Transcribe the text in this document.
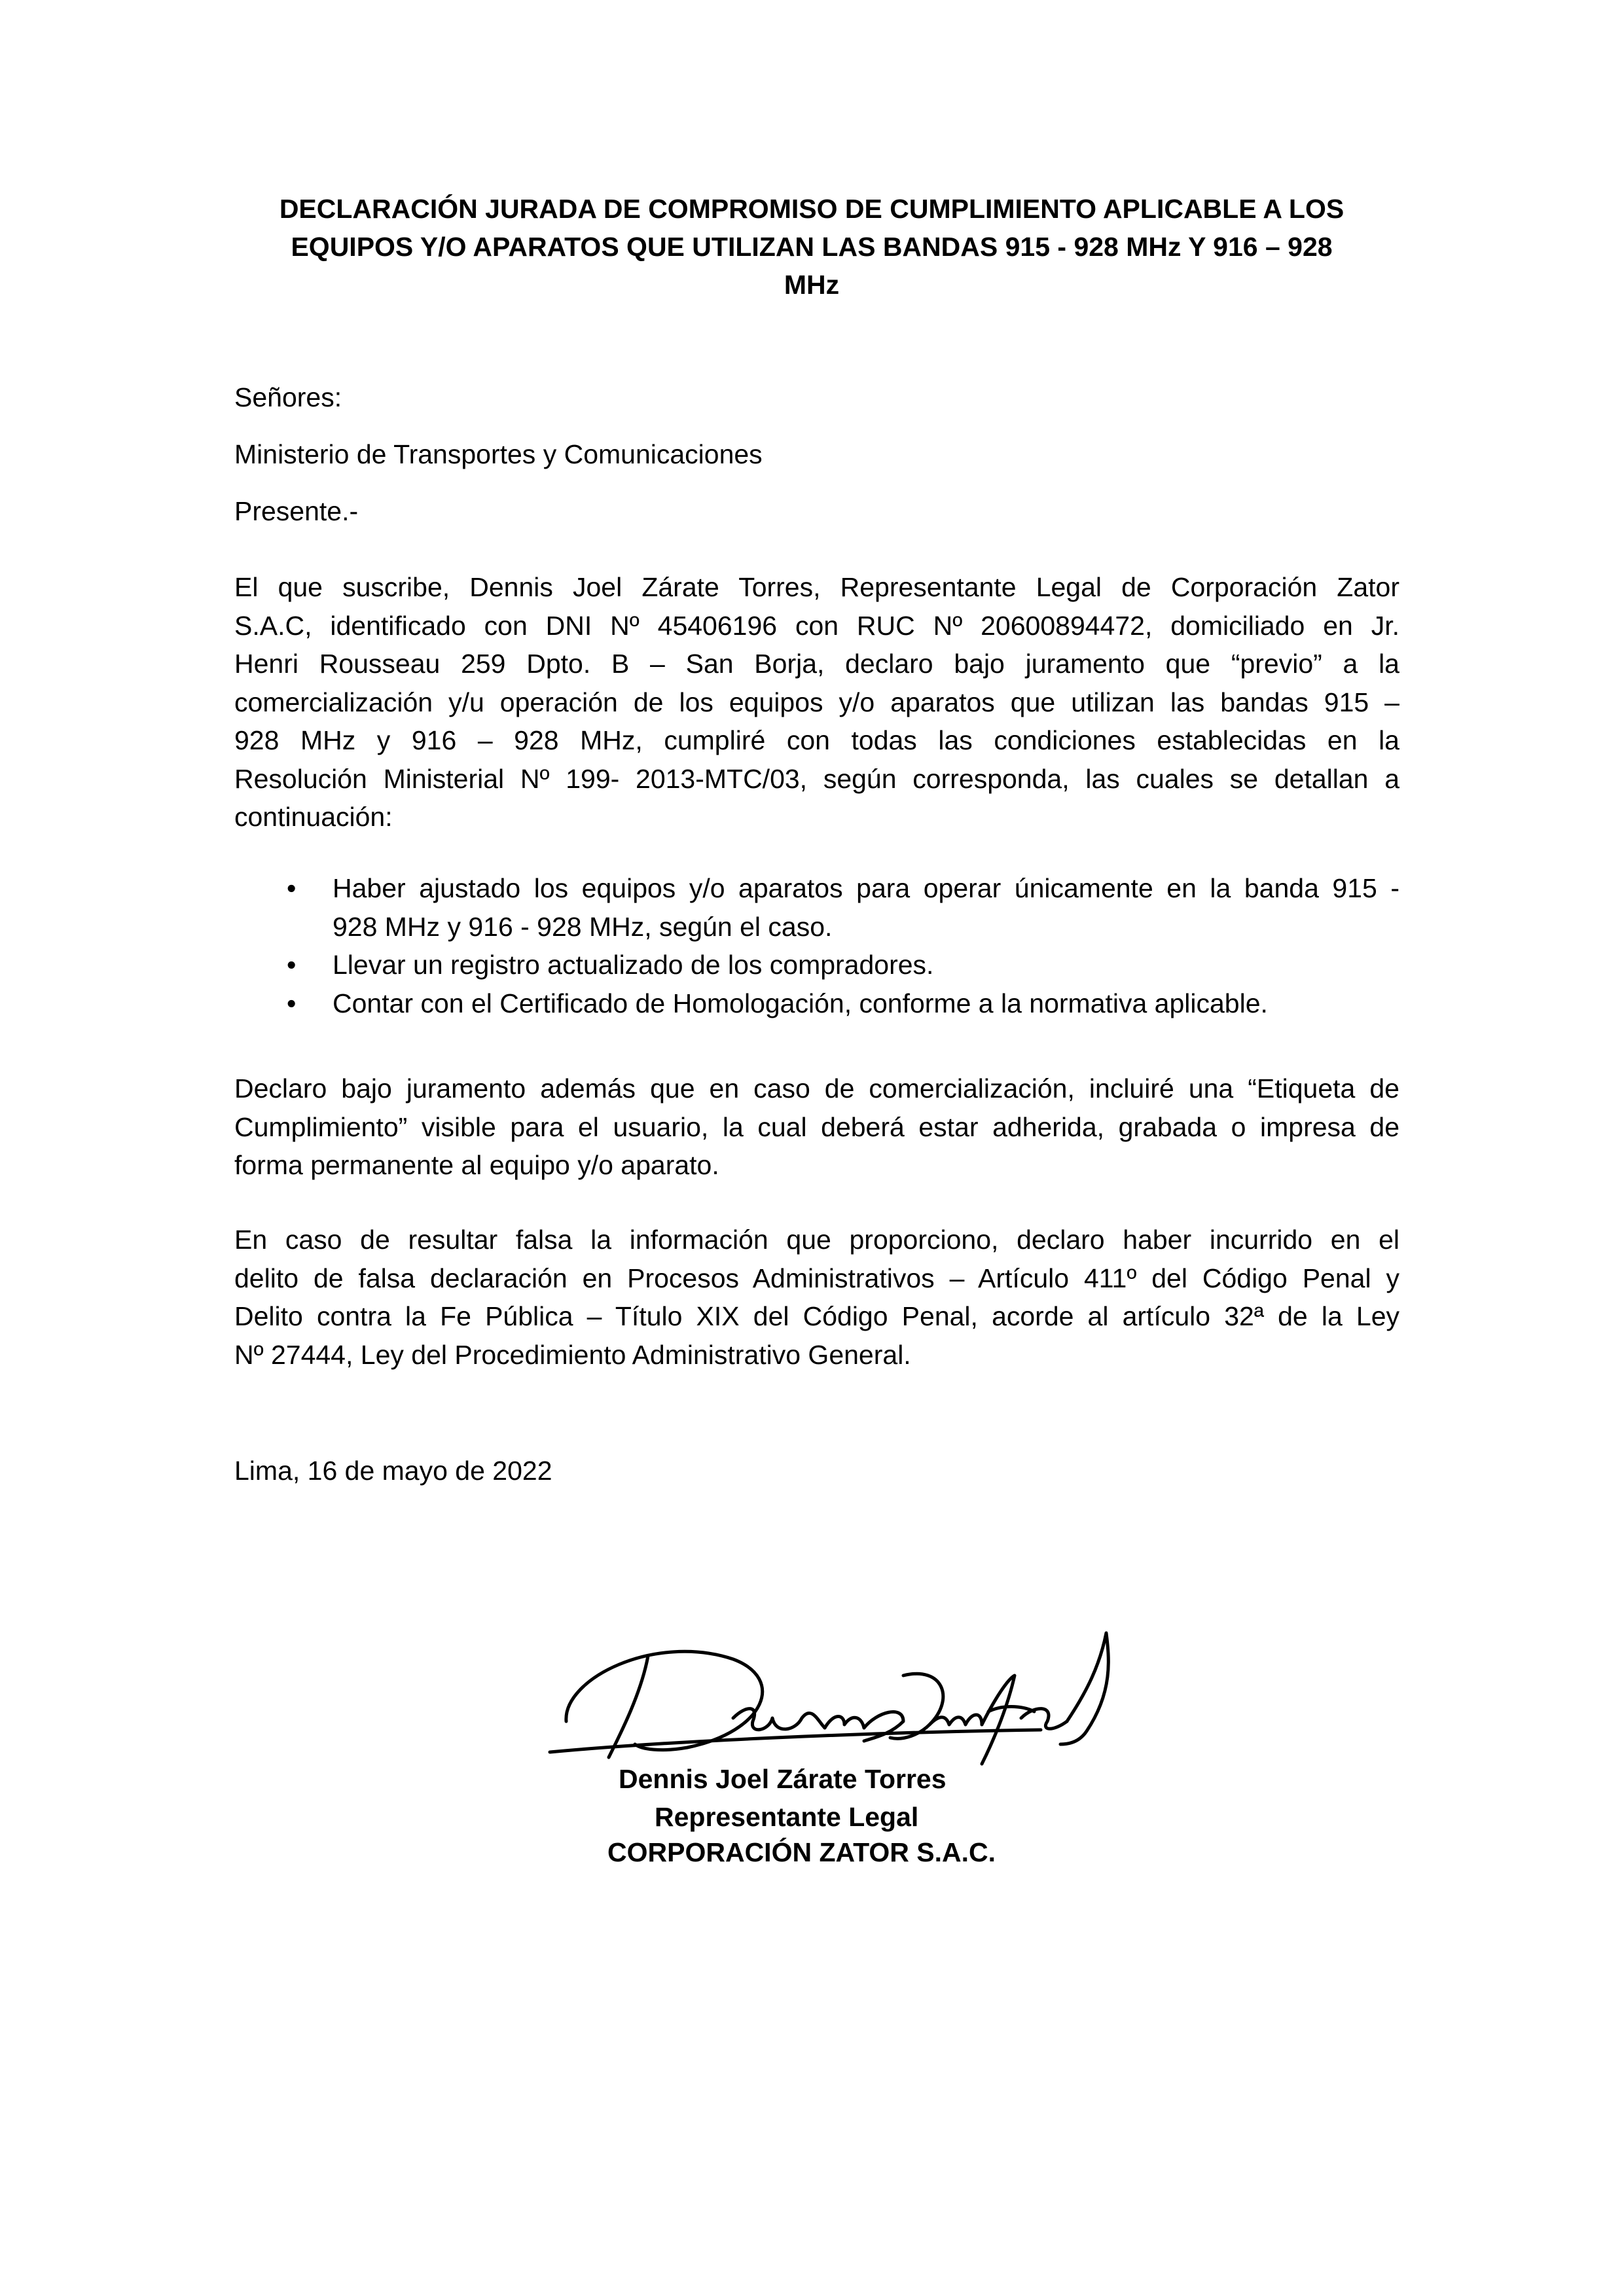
DECLARACIÓN JURADA DE COMPROMISO DE CUMPLIMIENTO APLICABLE A LOS
EQUIPOS Y/O APARATOS QUE UTILIZAN LAS BANDAS 915 - 928 MHz Y 916 – 928
MHz
Señores:
Ministerio de Transportes y Comunicaciones
Presente.-
El que suscribe, Dennis Joel Zárate Torres, Representante Legal de Corporación Zator
S.A.C, identificado con DNI Nº 45406196 con RUC Nº 20600894472, domiciliado en Jr.
Henri Rousseau 259 Dpto. B – San Borja, declaro bajo juramento que “previo” a la
comercialización y/u operación de los equipos y/o aparatos que utilizan las bandas 915 –
928 MHz y 916 – 928 MHz, cumpliré con todas las condiciones establecidas en la
Resolución Ministerial Nº 199- 2013-MTC/03, según corresponda, las cuales se detallan a
continuación:
• Haber ajustado los equipos y/o aparatos para operar únicamente en la banda 915 -
928 MHz y 916 - 928 MHz, según el caso.
• Llevar un registro actualizado de los compradores.
• Contar con el Certificado de Homologación, conforme a la normativa aplicable.
Declaro bajo juramento además que en caso de comercialización, incluiré una “Etiqueta de
Cumplimiento” visible para el usuario, la cual deberá estar adherida, grabada o impresa de
forma permanente al equipo y/o aparato.
En caso de resultar falsa la información que proporciono, declaro haber incurrido en el
delito de falsa declaración en Procesos Administrativos – Artículo 411º del Código Penal y
Delito contra la Fe Pública – Título XIX del Código Penal, acorde al artículo 32ª de la Ley
Nº 27444, Ley del Procedimiento Administrativo General.
Lima, 16 de mayo de 2022
Dennis Joel Zárate Torres
Representante Legal
CORPORACIÓN ZATOR S.A.C.
